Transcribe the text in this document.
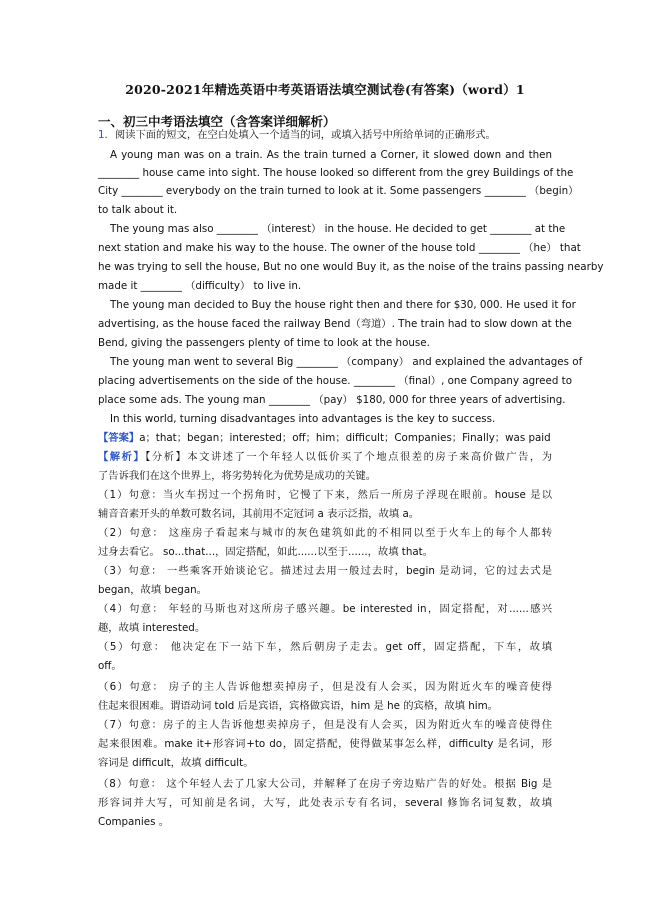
2020-2021年精选英语中考英语语法填空测试卷(有答案)（word）1
一、初三中考语法填空（含答案详细解析）
1．阅读下面的短文，在空白处填入一个适当的词，或填入括号中所给单词的正确形式。
A young man was on a train. As the train turned a Corner, it slowed down and then
________ house came into sight. The house looked so different from the grey Buildings of the
City ________ everybody on the train turned to look at it. Some passengers ________ （begin）
to talk about it.
The young mas also ________ （interest） in the house. He decided to get ________ at the
next station and make his way to the house. The owner of the house told ________ （he） that
he was trying to sell the house, But no one would Buy it, as the noise of the trains passing nearby
made it ________ （difficulty） to live in.
The young man decided to Buy the house right then and there for $30, 000. He used it for
advertising, as the house faced the railway Bend（弯道）. The train had to slow down at the
Bend, giving the passengers plenty of time to look at the house.
The young man went to several Big ________ （company） and explained the advantages of
placing advertisements on the side of the house. ________ （final）, one Company agreed to
place some ads. The young man ________ （pay） $180, 000 for three years of advertising.
In this world, turning disadvantages into advantages is the key to success.
【答案】a；that；began；interested；off；him；difficult；Companies；Finally；was paid
【解析】【分析】本文讲述了一个年轻人以低价买了个地点很差的房子来高价做广告，为
了告诉我们在这个世界上，将劣势转化为优势是成功的关键。
（1）句意：当火车拐过一个拐角时，它慢了下来，然后一所房子浮现在眼前。house 是以
辅音音素开头的单数可数名词，其前用不定冠词 a 表示泛指，故填 a。
（2）句意： 这座房子看起来与城市的灰色建筑如此的不相同以至于火车上的每个人都转
过身去看它。 so...that...，固定搭配，如此......以至于......，故填 that。
（3）句意： 一些乘客开始谈论它。描述过去用一般过去时，begin 是动词，它的过去式是
began，故填 began。
（4）句意： 年轻的马斯也对这所房子感兴趣。be interested in，固定搭配，对......感兴
趣，故填 interested。
（5）句意： 他决定在下一站下车，然后朝房子走去。get off，固定搭配，下车，故填
off。
（6）句意： 房子的主人告诉他想卖掉房子，但是没有人会买，因为附近火车的噪音使得
住起来很困难。谓语动词 told 后是宾语，宾格做宾语，him 是 he 的宾格，故填 him。
（7）句意：房子的主人告诉他想卖掉房子，但是没有人会买，因为附近火车的噪音使得住
起来很困难。make it+形容词+to do，固定搭配，使得做某事怎么样，difficulty 是名词，形
容词是 difficult，故填 difficult。
（8）句意： 这个年轻人去了几家大公司，并解释了在房子旁边贴广告的好处。根据 Big 是
形容词并大写，可知前是名词，大写，此处表示专有名词，several 修饰名词复数，故填
Companies 。
